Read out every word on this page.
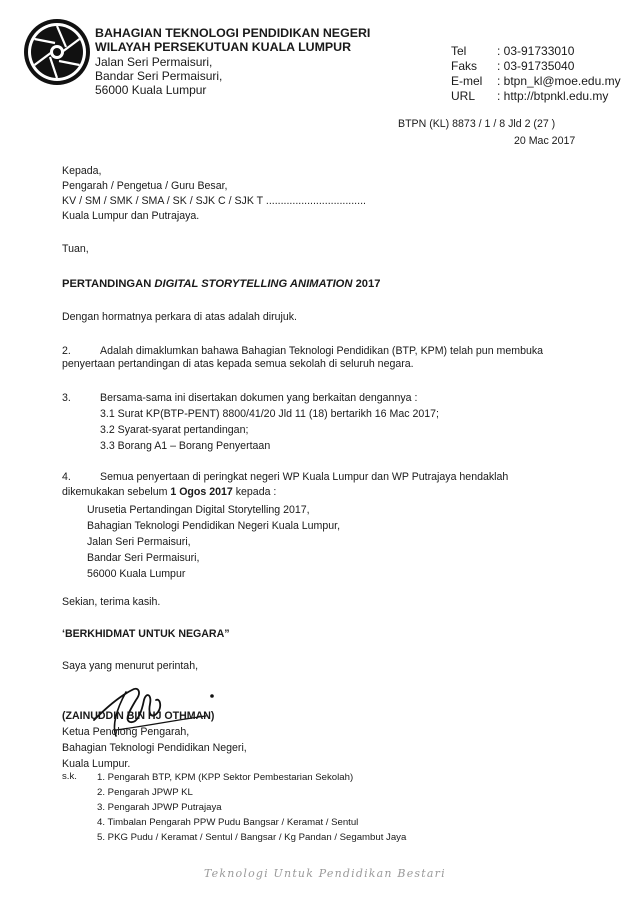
BAHAGIAN TEKNOLOGI PENDIDIKAN NEGERI
WILAYAH PERSEKUTUAN KUALA LUMPUR
Jalan Seri Permaisuri,
Bandar Seri Permaisuri,
56000 Kuala Lumpur
Tel	: 03-91733010
Faks : 03-91735040
E-mel : btpn_kl@moe.edu.my
URL : http://btpnkl.edu.my
BTPN (KL) 8873 / 1 / 8 Jld 2 (27 )
20 Mac 2017
Kepada,
Pengarah / Pengetua / Guru Besar,
KV / SM / SMK / SMA / SK / SJK C / SJK T ..................................
Kuala Lumpur dan Putrajaya.
Tuan,
PERTANDINGAN DIGITAL STORYTELLING ANIMATION 2017
Dengan hormatnya perkara di atas adalah dirujuk.
2.	Adalah dimaklumkan bahawa Bahagian Teknologi Pendidikan (BTP, KPM) telah pun membuka
penyertaan pertandingan di atas kepada semua sekolah di seluruh negara.
3.	Bersama-sama ini disertakan dokumen yang berkaitan dengannya :
3.1 Surat KP(BTP-PENT) 8800/41/20 Jld 11 (18) bertarikh 16 Mac 2017;
3.2 Syarat-syarat pertandingan;
3.3 Borang A1 – Borang Penyertaan
4.	Semua penyertaan di peringkat negeri WP Kuala Lumpur dan WP Putrajaya hendaklah
dikemukakan sebelum 1 Ogos 2017 kepada :
Urusetia Pertandingan Digital Storytelling 2017,
Bahagian Teknologi Pendidikan Negeri Kuala Lumpur,
Jalan Seri Permaisuri,
Bandar Seri Permaisuri,
56000 Kuala Lumpur
Sekian, terima kasih.
‘BERKHIDMAT UNTUK NEGARA”
Saya yang menurut perintah,
(ZAINUDDIN BIN HJ OTHMAN)
Ketua Penolong Pengarah,
Bahagian Teknologi Pendidikan Negeri,
Kuala Lumpur.
s.k. 1. Pengarah BTP, KPM (KPP Sektor Pembestarian Sekolah)
2. Pengarah JPWP KL
3. Pengarah JPWP Putrajaya
4. Timbalan Pengarah PPW Pudu Bangsar / Keramat / Sentul
5. PKG Pudu / Keramat / Sentul / Bangsar / Kg Pandan / Segambut Jaya
Teknologi Untuk Pendidikan Bestari
